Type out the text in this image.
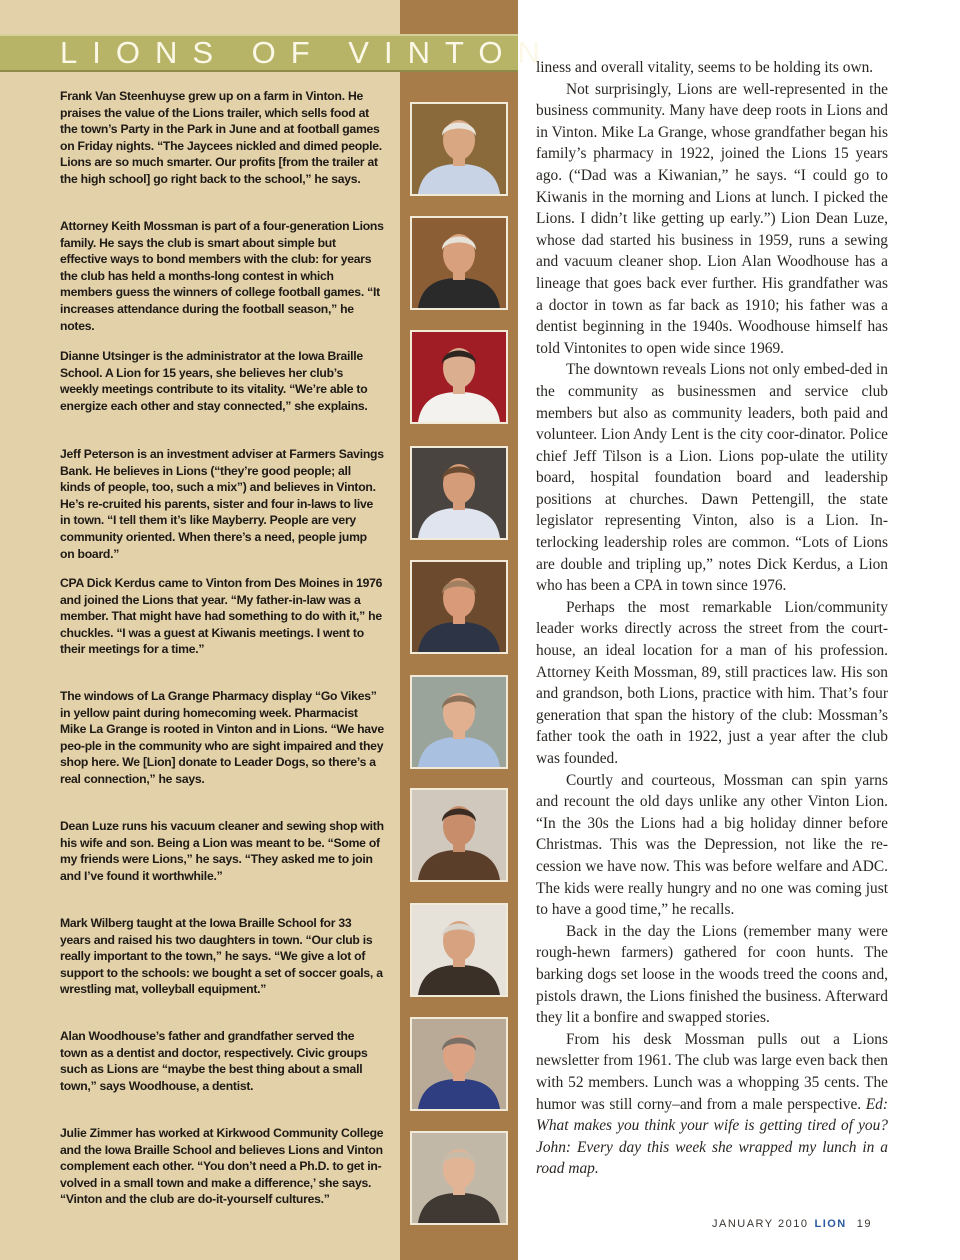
LIONS OF VINTON
Frank Van Steenhuyse grew up on a farm in Vinton. He praises the value of the Lions trailer, which sells food at the town’s Party in the Park in June and at football games on Friday nights. “The Jaycees nickled and dimed people. Lions are so much smarter. Our profits [from the trailer at the high school] go right back to the school,” he says.
Attorney Keith Mossman is part of a four-generation Lions family. He says the club is smart about simple but effective ways to bond members with the club: for years the club has held a months-long contest in which members guess the winners of college football games. “It increases attendance during the football season,” he notes.
Dianne Utsinger is the administrator at the Iowa Braille School. A Lion for 15 years, she believes her club’s weekly meetings contribute to its vitality. “We’re able to energize each other and stay connected,” she explains.
Jeff Peterson is an investment adviser at Farmers Savings Bank. He believes in Lions (“they’re good people; all kinds of people, too, such a mix”) and believes in Vinton. He’s re-cruited his parents, sister and four in-laws to live in town. “I tell them it’s like Mayberry. People are very community oriented. When there’s a need, people jump on board.”
CPA Dick Kerdus came to Vinton from Des Moines in 1976 and joined the Lions that year. “My father-in-law was a member. That might have had something to do with it,” he chuckles. “I was a guest at Kiwanis meetings. I went to their meetings for a time.”
The windows of La Grange Pharmacy display “Go Vikes” in yellow paint during homecoming week. Pharmacist Mike La Grange is rooted in Vinton and in Lions. “We have peo-ple in the community who are sight impaired and they shop here. We [Lion] donate to Leader Dogs, so there’s a real connection,” he says.
Dean Luze runs his vacuum cleaner and sewing shop with his wife and son. Being a Lion was meant to be. “Some of my friends were Lions,” he says. “They asked me to join and I’ve found it worthwhile.”
Mark Wilberg taught at the Iowa Braille School for 33 years and raised his two daughters in town. “Our club is really important to the town,” he says. “We give a lot of support to the schools: we bought a set of soccer goals, a wrestling mat, volleyball equipment.”
Alan Woodhouse’s father and grandfather served the town as a dentist and doctor, respectively. Civic groups such as Lions are “maybe the best thing about a small town,” says Woodhouse, a dentist.
Julie Zimmer has worked at Kirkwood Community College and the Iowa Braille School and believes Lions and Vinton complement each other. “You don’t need a Ph.D. to get in-volved in a small town and make a difference,’ she says. “Vinton and the club are do-it-yourself cultures.”

liness and overall vitality, seems to be holding its own.

Not surprisingly, Lions are well-represented in the business community. Many have deep roots in Lions and in Vinton. Mike La Grange, whose grandfather began his family’s pharmacy in 1922, joined the Lions 15 years ago. (“Dad was a Kiwanian,” he says. “I could go to Kiwanis in the morning and Lions at lunch. I picked the Lions. I didn’t like getting up early.”) Lion Dean Luze, whose dad started his business in 1959, runs a sewing and vacuum cleaner shop. Lion Alan Woodhouse has a lineage that goes back ever further. His grandfather was a doctor in town as far back as 1910; his father was a dentist beginning in the 1940s. Woodhouse himself has told Vintonites to open wide since 1969.

The downtown reveals Lions not only embed-ded in the community as businessmen and service club members but also as community leaders, both paid and volunteer. Lion Andy Lent is the city coor-dinator. Police chief Jeff Tilson is a Lion. Lions pop-ulate the utility board, hospital foundation board and leadership positions at churches. Dawn Pettengill, the state legislator representing Vinton, also is a Lion. In-terlocking leadership roles are common. “Lots of Lions are double and tripling up,” notes Dick Kerdus, a Lion who has been a CPA in town since 1976.

Perhaps the most remarkable Lion/community leader works directly across the street from the court-house, an ideal location for a man of his profession. Attorney Keith Mossman, 89, still practices law. His son and grandson, both Lions, practice with him. That’s four generation that span the history of the club: Mossman’s father took the oath in 1922, just a year after the club was founded.

Courtly and courteous, Mossman can spin yarns and recount the old days unlike any other Vinton Lion. “In the 30s the Lions had a big holiday dinner before Christmas. This was the Depression, not like the re-cession we have now. This was before welfare and ADC. The kids were really hungry and no one was coming just to have a good time,” he recalls.

Back in the day the Lions (remember many were rough-hewn farmers) gathered for coon hunts. The barking dogs set loose in the woods treed the coons and, pistols drawn, the Lions finished the business. Afterward they lit a bonfire and swapped stories.

From his desk Mossman pulls out a Lions newsletter from 1961. The club was large even back then with 52 members. Lunch was a whopping 35 cents. The humor was still corny–and from a male perspective. Ed: What makes you think your wife is getting tired of you? John: Every day this week she wrapped my lunch in a road map.

JANUARY 2010 LION 19
